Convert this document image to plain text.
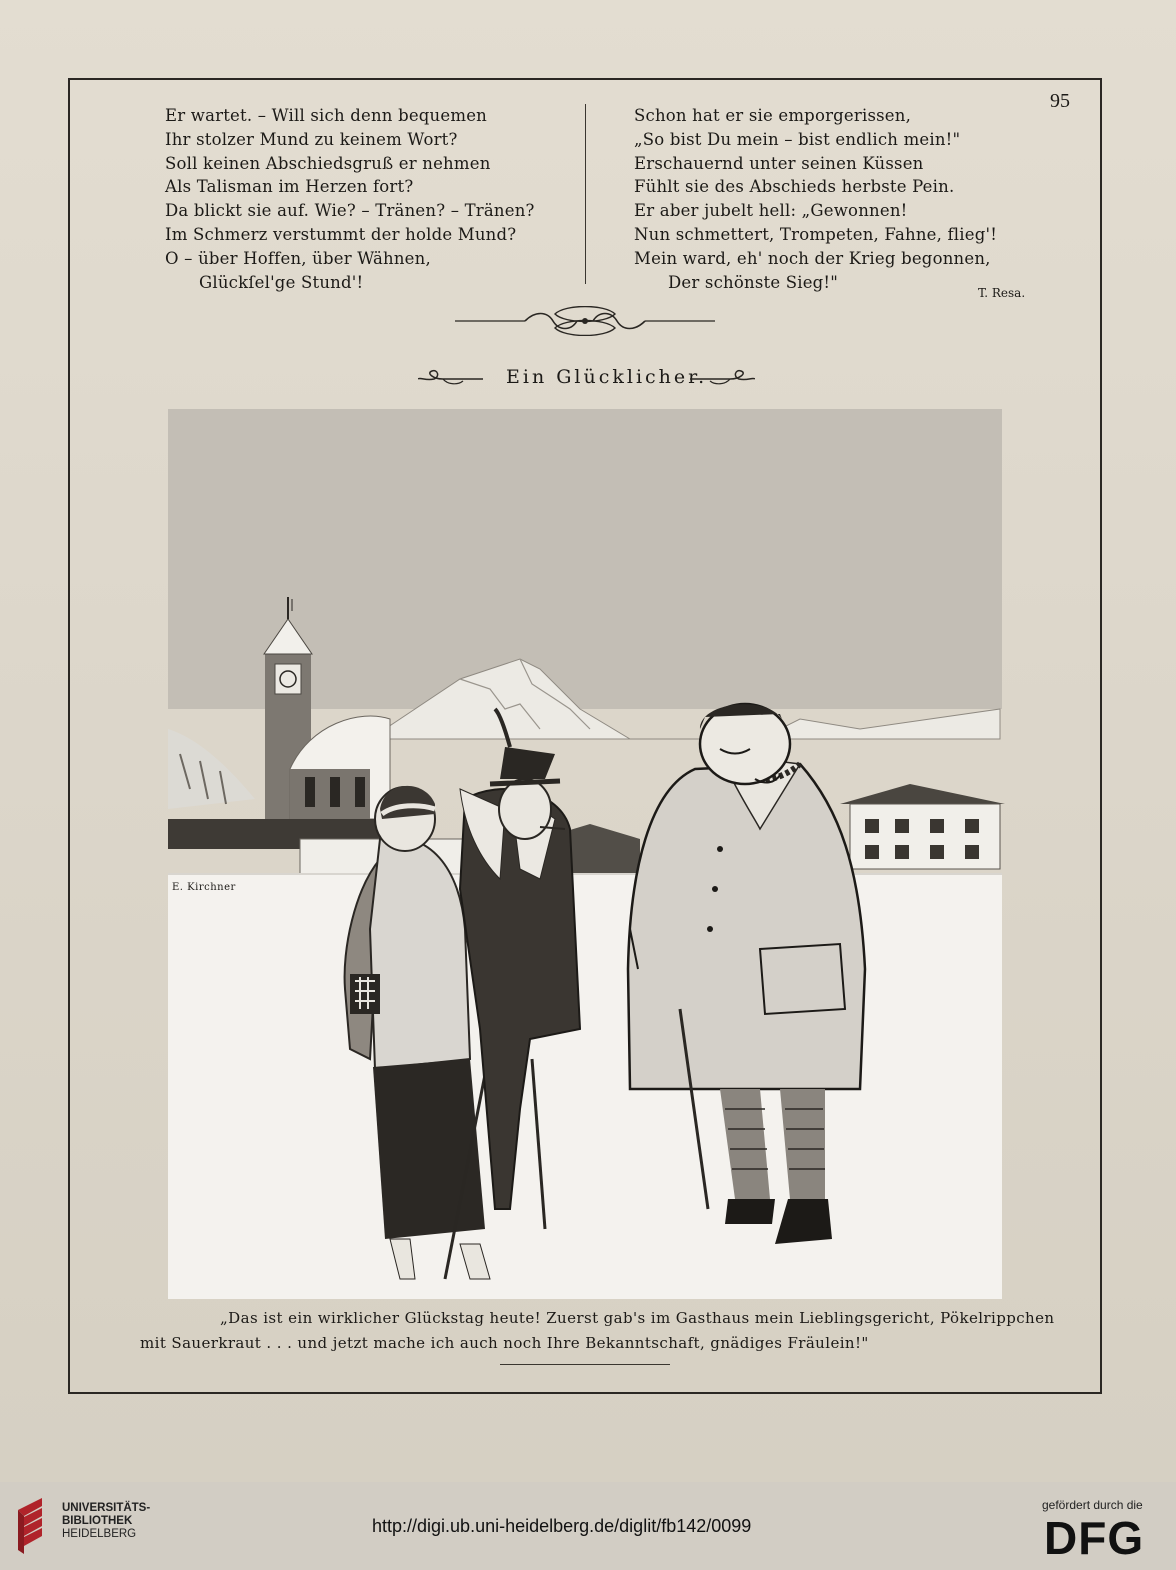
95
Er wartet. – Will sich denn bequemen
Ihr stolzer Mund zu keinem Wort?
Soll keinen Abschiedsgruß er nehmen
Als Talisman im Herzen fort?
Da blickt sie auf. Wie? – Tränen? – Tränen?
Im Schmerz verstummt der holde Mund?
O – über Hoffen, über Wähnen,
Glückſel'ge Stund'!
Schon hat er sie emporgerissen,
„So bist Du mein – bist endlich mein!"
Erschauernd unter seinen Küssen
Fühlt sie des Abschieds herbste Pein.
Er aber jubelt hell: „Gewonnen!
Nun schmettert, Trompeten, Fahne, flieg'!
Mein ward, eh' noch der Krieg begonnen,
Der schönste Sieg!"
T. Resa.
Ein Glücklicher.
E. Kirchner
„Das ist ein wirklicher Glückstag heute! Zuerst gab's im Gasthaus mein Lieblingsgericht, Pökelrippchen
mit Sauerkraut . . . und jetzt mache ich auch noch Ihre Bekanntschaft, gnädiges Fräulein!"
UNIVERSITÄTS-
BIBLIOTHEK
HEIDELBERG	http://digi.ub.uni-heidelberg.de/diglit/fb142/0099
gefördert durch die
DFG
